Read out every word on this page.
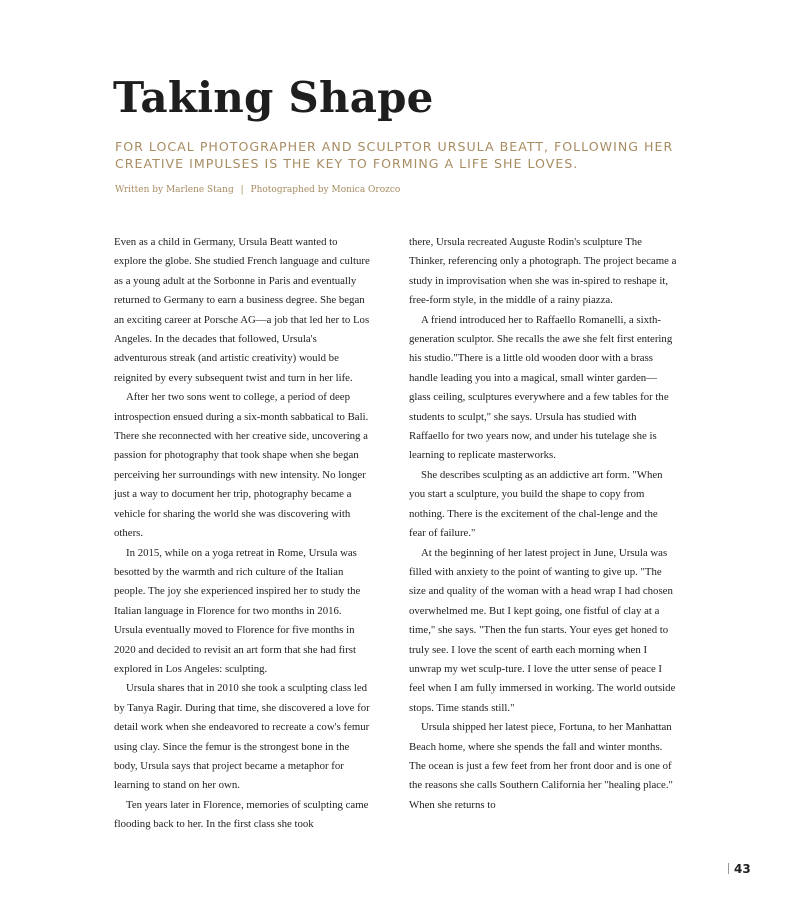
Taking Shape

FOR LOCAL PHOTOGRAPHER AND SCULPTOR URSULA BEATT, FOLLOWING HER CREATIVE IMPULSES IS THE KEY TO FORMING A LIFE SHE LOVES.

Written by Marlene Stang | Photographed by Monica Orozco

Even as a child in Germany, Ursula Beatt wanted to explore the globe. She studied French language and culture as a young adult at the Sorbonne in Paris and eventually returned to Germany to earn a business degree. She began an exciting career at Porsche AG—a job that led her to Los Angeles. In the decades that followed, Ursula's adventurous streak (and artistic creativity) would be reignited by every subsequent twist and turn in her life.

After her two sons went to college, a period of deep introspection ensued during a six-month sabbatical to Bali. There she reconnected with her creative side, uncovering a passion for photography that took shape when she began perceiving her surroundings with new intensity. No longer just a way to document her trip, photography became a vehicle for sharing the world she was discovering with others.

In 2015, while on a yoga retreat in Rome, Ursula was besotted by the warmth and rich culture of the Italian people. The joy she experienced inspired her to study the Italian language in Florence for two months in 2016. Ursula eventually moved to Florence for five months in 2020 and decided to revisit an art form that she had first explored in Los Angeles: sculpting.

Ursula shares that in 2010 she took a sculpting class led by Tanya Ragir. During that time, she discovered a love for detail work when she endeavored to recreate a cow's femur using clay. Since the femur is the strongest bone in the body, Ursula says that project became a metaphor for learning to stand on her own.

Ten years later in Florence, memories of sculpting came flooding back to her. In the first class she took

there, Ursula recreated Auguste Rodin's sculpture The Thinker, referencing only a photograph. The project became a study in improvisation when she was in-spired to reshape it, free-form style, in the middle of a rainy piazza.

A friend introduced her to Raffaello Romanelli, a sixth-generation sculptor. She recalls the awe she felt first entering his studio."There is a little old wooden door with a brass handle leading you into a magical, small winter garden—glass ceiling, sculptures everywhere and a few tables for the students to sculpt," she says. Ursula has studied with Raffaello for two years now, and under his tutelage she is learning to replicate masterworks.

She describes sculpting as an addictive art form. "When you start a sculpture, you build the shape to copy from nothing. There is the excitement of the chal-lenge and the fear of failure."

At the beginning of her latest project in June, Ursula was filled with anxiety to the point of wanting to give up. "The size and quality of the woman with a head wrap I had chosen overwhelmed me. But I kept going, one fistful of clay at a time," she says. "Then the fun starts. Your eyes get honed to truly see. I love the scent of earth each morning when I unwrap my wet sculp-ture. I love the utter sense of peace I feel when I am fully immersed in working. The world outside stops. Time stands still."

Ursula shipped her latest piece, Fortuna, to her Manhattan Beach home, where she spends the fall and winter months. The ocean is just a few feet from her front door and is one of the reasons she calls Southern California her "healing place." When she returns to

43
